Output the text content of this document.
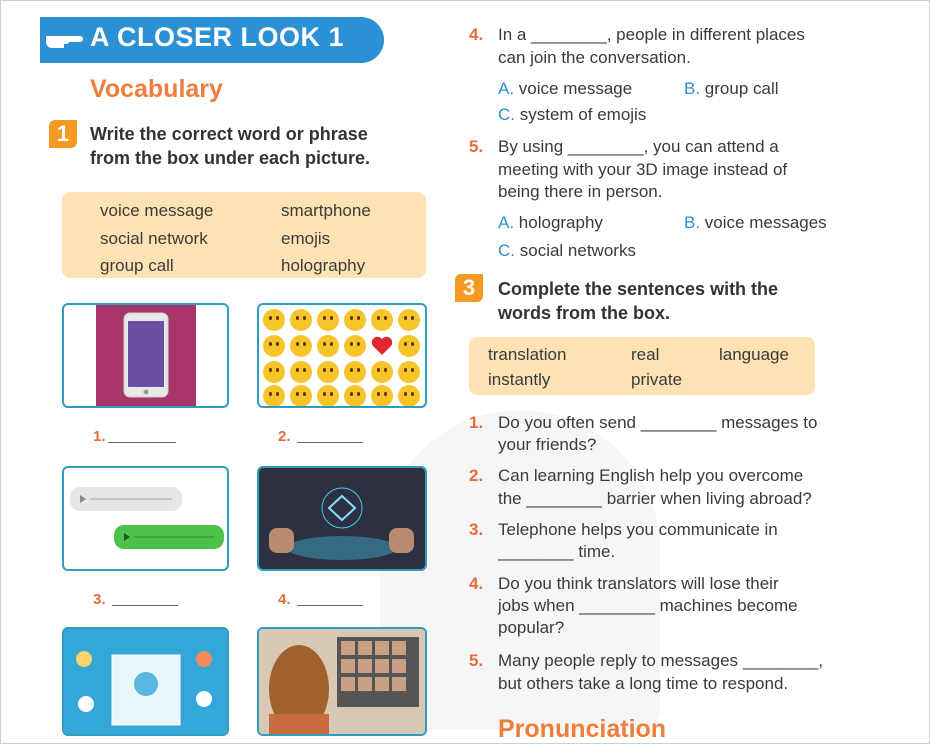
A CLOSER LOOK 1
Vocabulary
1	Write the correct word or phrase
from the box under each picture.
voice message	smartphone
social network	emojis
group call	holography
1.	2.
3.	4.
4. In a ________, people in different places
can join the conversation.
A. voice message	B. group call
C. system of emojis
5. By using ________, you can attend a
meeting with your 3D image instead of
being there in person.
A. holography	B. voice messages
C. social networks
3	Complete the sentences with the
words from the box.
translation	real	language
instantly	private
1. Do you often send ________ messages to
your friends?
2. Can learning English help you overcome
the ________ barrier when living abroad?
3. Telephone helps you communicate in
________ time.
4. Do you think translators will lose their
jobs when ________ machines become
popular?
5. Many people reply to messages ________,
but others take a long time to respond.
Pronunciation
